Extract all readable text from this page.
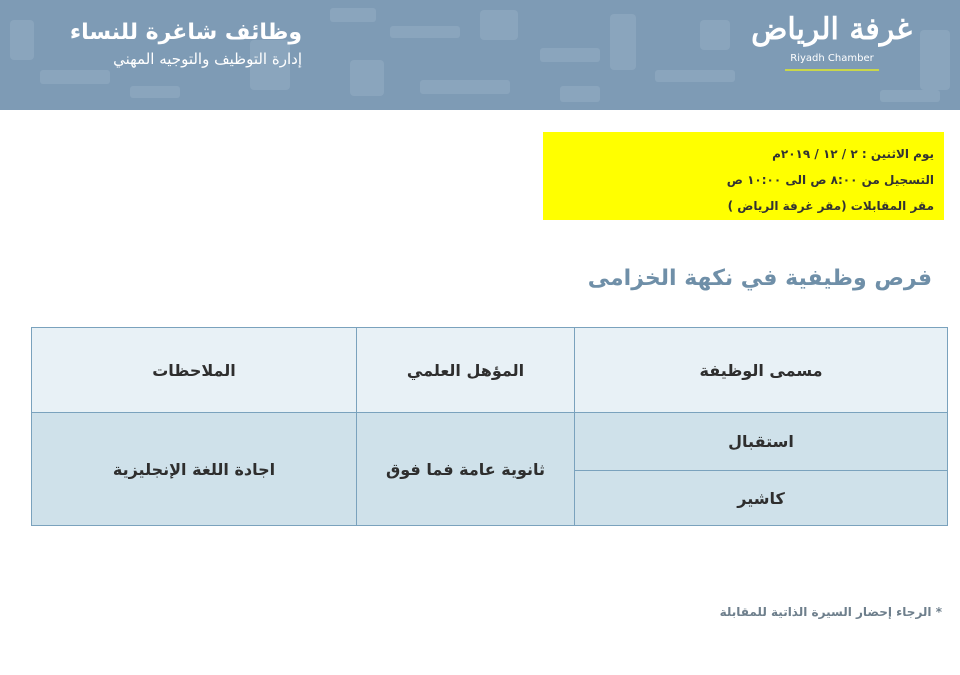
وظائف شاغرة للنساء
إدارة التوظيف والتوجيه المهني
غرفة الرياض
Riyadh Chamber
يوم الاثنين : ٢ / ١٢ / ٢٠١٩م
التسجيل من ٨:٠٠ ص الى ١٠:٠٠ ص
مقر المقابلات (مقر غرفة الرياض )
فرص وظيفية في نكهة الخزامى
مسمى الوظيفة	المؤهل العلمي	الملاحظات
استقبال	ثانوية عامة فما فوق	اجادة اللغة الإنجليزية
كاشير		
* الرجاء إحضار السيرة الذاتية للمقابلة
